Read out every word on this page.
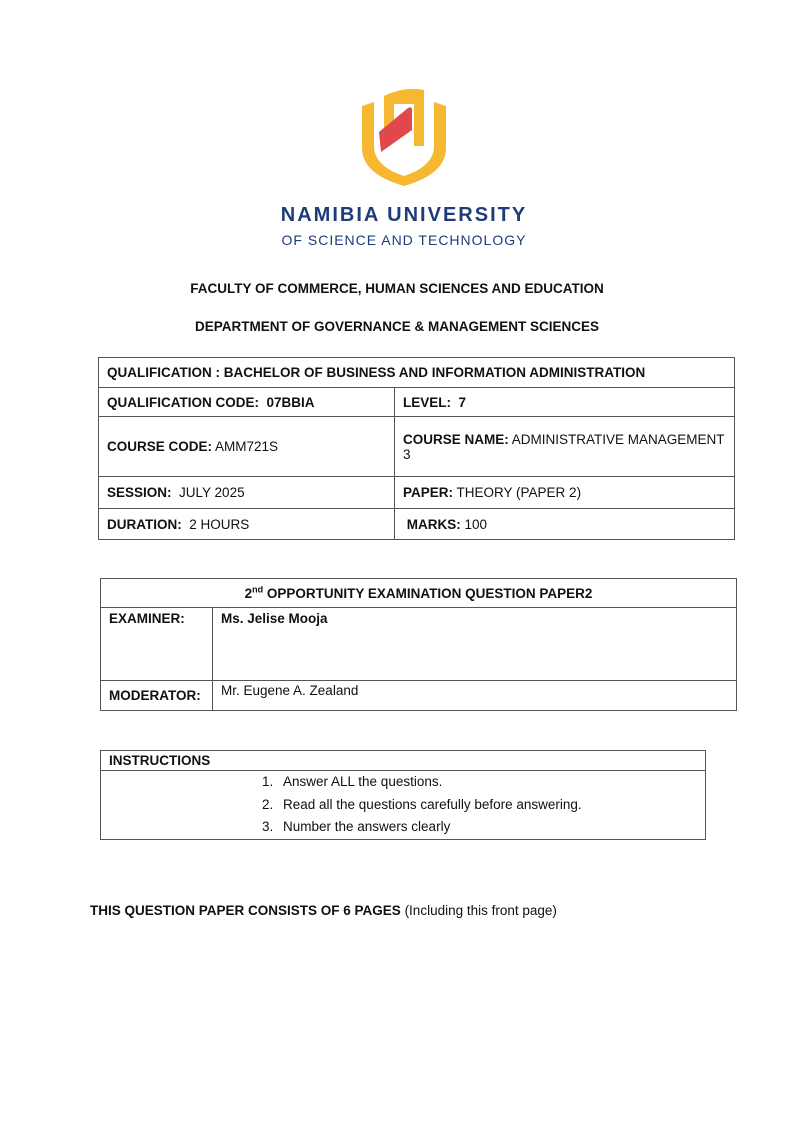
NAMIBIA UNIVERSITY
OF SCIENCE AND TECHNOLOGY
FACULTY OF COMMERCE, HUMAN SCIENCES AND EDUCATION
DEPARTMENT OF GOVERNANCE & MANAGEMENT SCIENCES
QUALIFICATION : BACHELOR OF BUSINESS AND INFORMATION ADMINISTRATION	
QUALIFICATION CODE: 07BBIA	LEVEL: 7
COURSE CODE: AMM721S	COURSE NAME: ADMINISTRATIVE MANAGEMENT 3
SESSION: JULY 2025	PAPER: THEORY (PAPER 2)
DURATION: 2 HOURS	MARKS: 100
2nd OPPORTUNITY EXAMINATION QUESTION PAPER2	
EXAMINER:	Ms. Jelise Mooja
MODERATOR:	Mr. Eugene A. Zealand
INSTRUCTIONS

1. Answer ALL the questions.
2. Read all the questions carefully before answering.
3. Number the answers clearly
THIS QUESTION PAPER CONSISTS OF 6 PAGES (Including this front page)
